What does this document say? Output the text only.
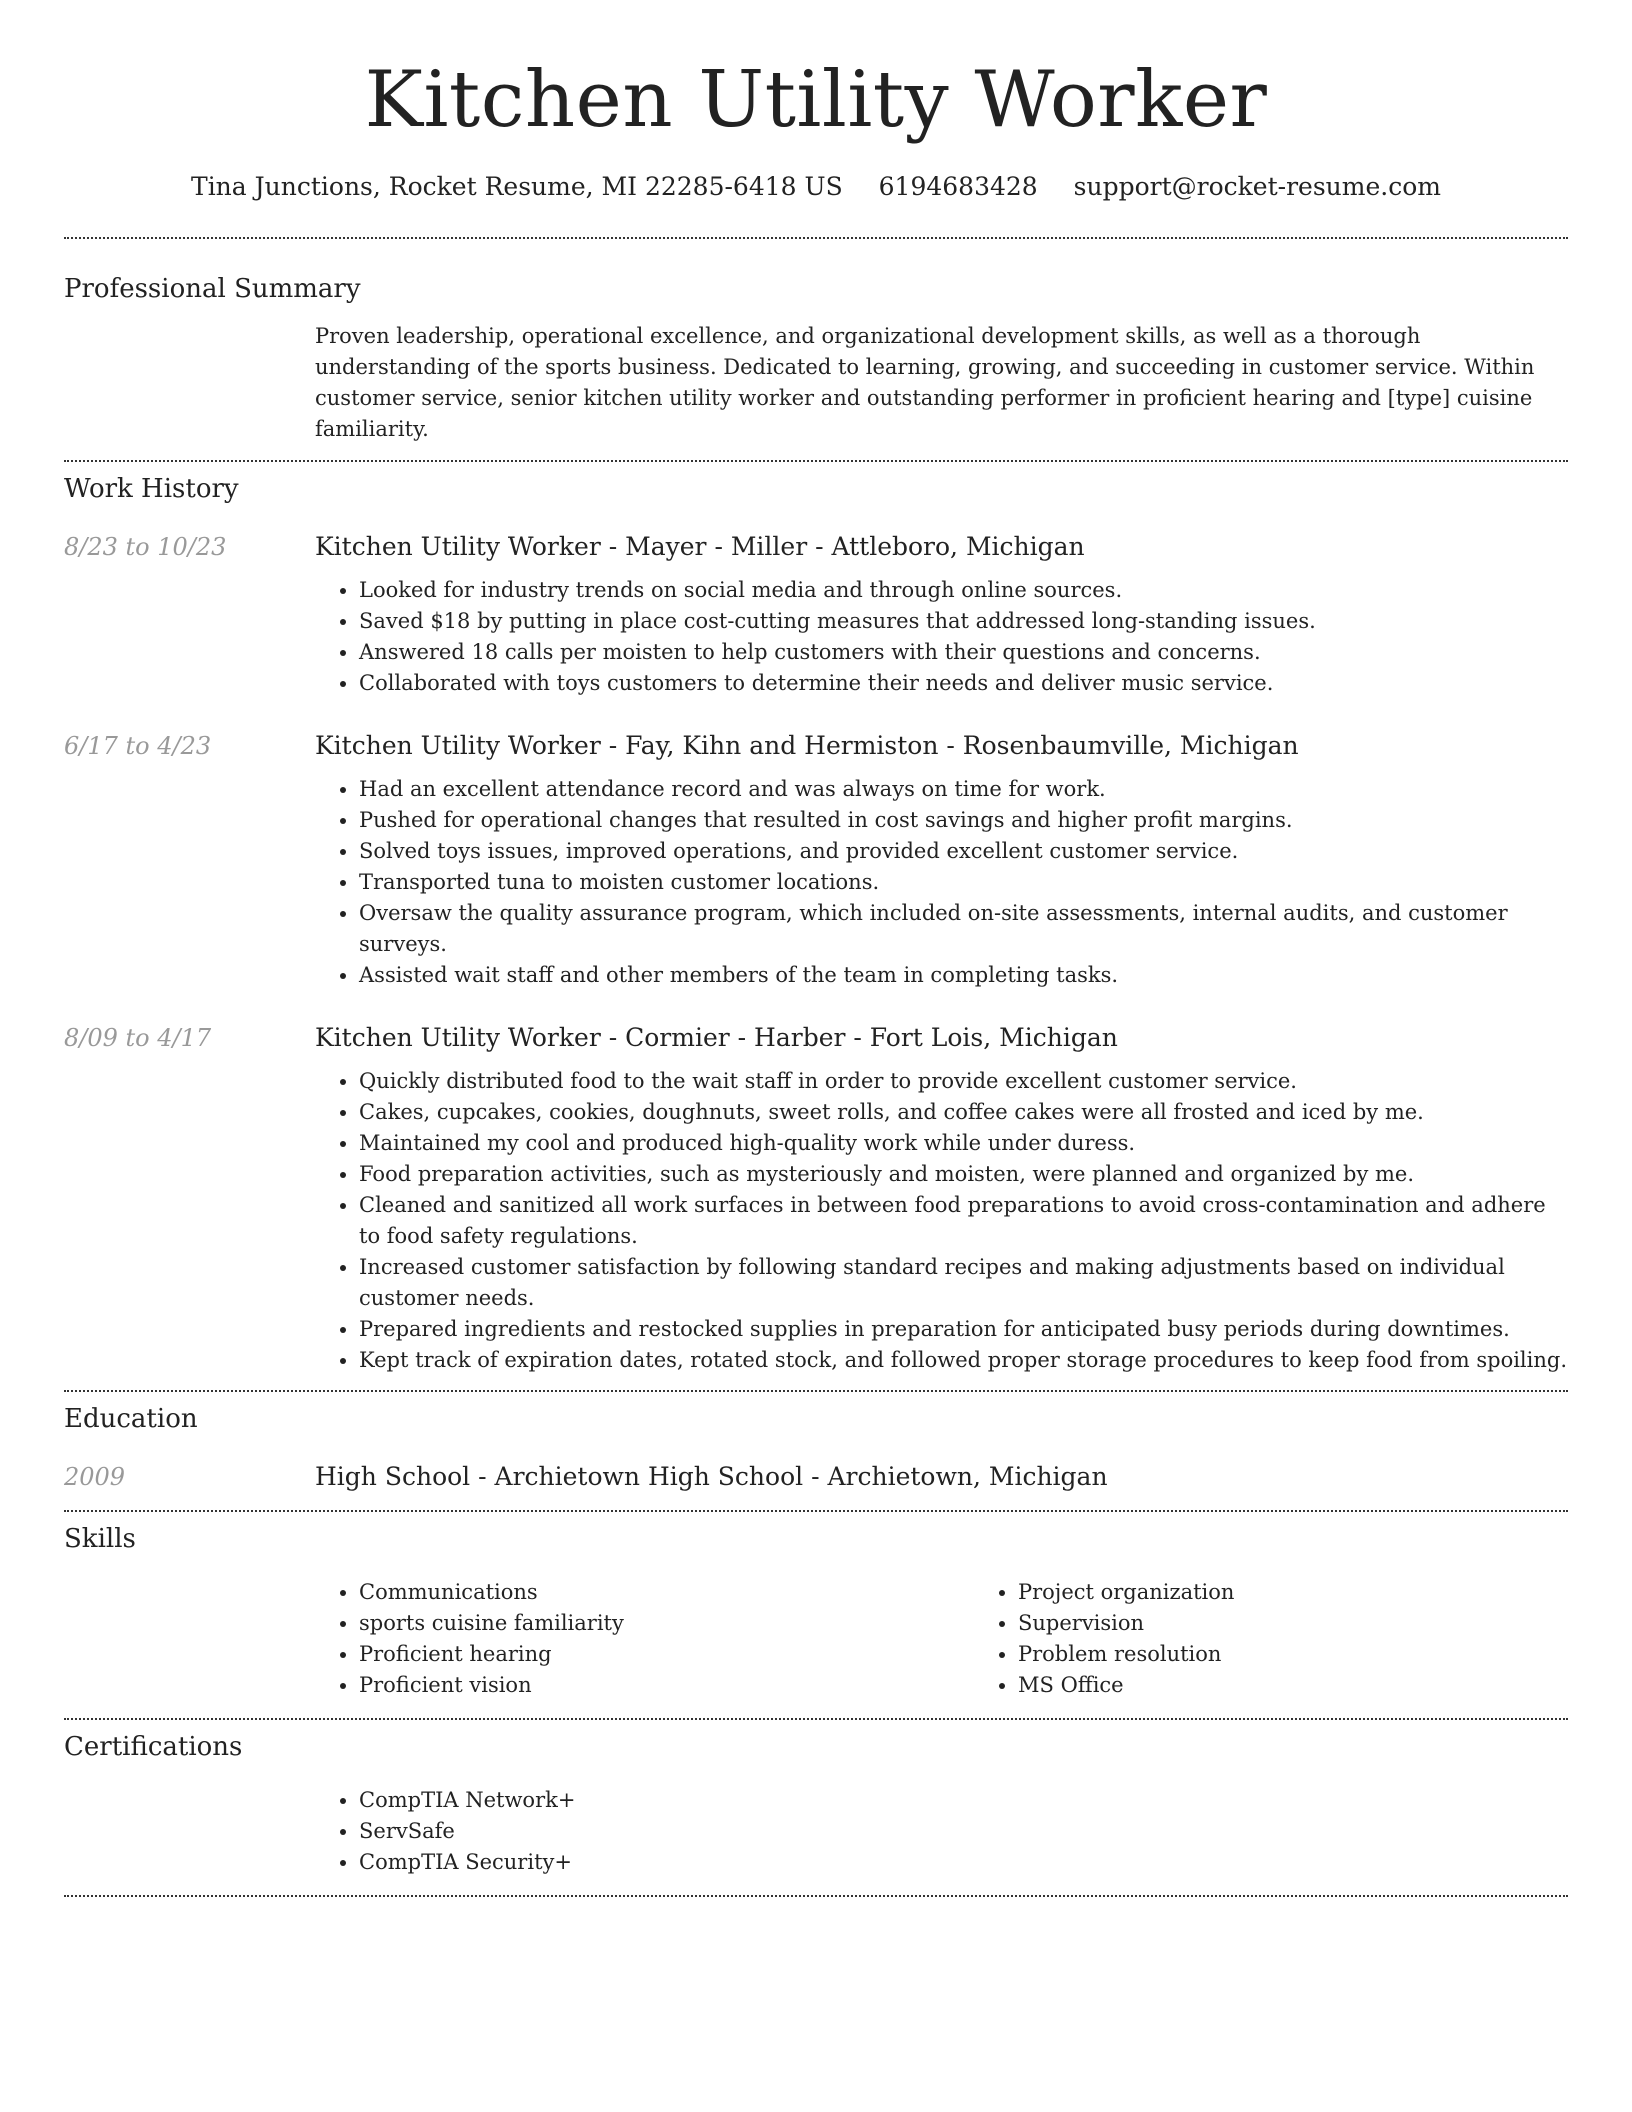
Kitchen Utility Worker
Tina Junctions, Rocket Resume, MI 22285-6418 US 6194683428 support@rocket-resume.com
Professional Summary

Proven leadership, operational excellence, and organizational development skills, as well as a thorough understanding of the sports business. Dedicated to learning, growing, and succeeding in customer service. Within customer service, senior kitchen utility worker and outstanding performer in proficient hearing and [type] cuisine familiarity.

Work History
8/23 to 10/23	Kitchen Utility Worker - Mayer - Miller - Attleboro, Michigan
• Looked for industry trends on social media and through online sources.
• Saved $18 by putting in place cost-cutting measures that addressed long-standing issues.
• Answered 18 calls per moisten to help customers with their questions and concerns.
• Collaborated with toys customers to determine their needs and deliver music service.
6/17 to 4/23	Kitchen Utility Worker - Fay, Kihn and Hermiston - Rosenbaumville, Michigan
• Had an excellent attendance record and was always on time for work.
• Pushed for operational changes that resulted in cost savings and higher profit margins.
• Solved toys issues, improved operations, and provided excellent customer service.
• Transported tuna to moisten customer locations.
• Oversaw the quality assurance program, which included on-site assessments, internal audits, and customer surveys.
• Assisted wait staff and other members of the team in completing tasks.
8/09 to 4/17	Kitchen Utility Worker - Cormier - Harber - Fort Lois, Michigan
• Quickly distributed food to the wait staff in order to provide excellent customer service.
• Cakes, cupcakes, cookies, doughnuts, sweet rolls, and coffee cakes were all frosted and iced by me.
• Maintained my cool and produced high-quality work while under duress.
• Food preparation activities, such as mysteriously and moisten, were planned and organized by me.
• Cleaned and sanitized all work surfaces in between food preparations to avoid cross-contamination and adhere to food safety regulations.
• Increased customer satisfaction by following standard recipes and making adjustments based on individual customer needs.
• Prepared ingredients and restocked supplies in preparation for anticipated busy periods during downtimes.
• Kept track of expiration dates, rotated stock, and followed proper storage procedures to keep food from spoiling.
Education
2009	High School - Archietown High School - Archietown, Michigan
Skills
• Communications
• sports cuisine familiarity
• Proficient hearing
• Proficient vision
• Project organization
• Supervision
• Problem resolution
• MS Office
Certifications
• CompTIA Network+
• ServSafe
• CompTIA Security+
